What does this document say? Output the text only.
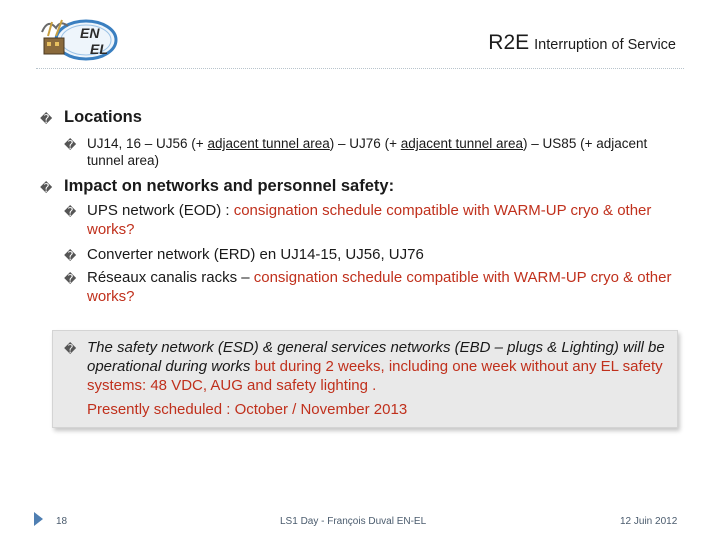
EN
EL	R2E Interruption of Service
� Locations
� UJ14, 16 – UJ56 (+ adjacent tunnel area) – UJ76 (+ adjacent tunnel area) – US85 (+ adjacent tunnel area)
� Impact on networks and personnel safety:
� UPS network (EOD) : consignation schedule compatible with WARM-UP cryo & other works?
� Converter network (ERD) en UJ14-15, UJ56, UJ76
� Réseaux canalis racks – consignation schedule compatible with WARM-UP cryo & other works?
� The safety network (ESD) & general services networks (EBD – plugs & Lighting) will be operational during works but during 2 weeks, including one week without any EL safety systems: 48 VDC, AUG and safety lighting .
Presently scheduled : October / November 2013
18	LS1 Day - François Duval EN-EL	12 Juin 2012
